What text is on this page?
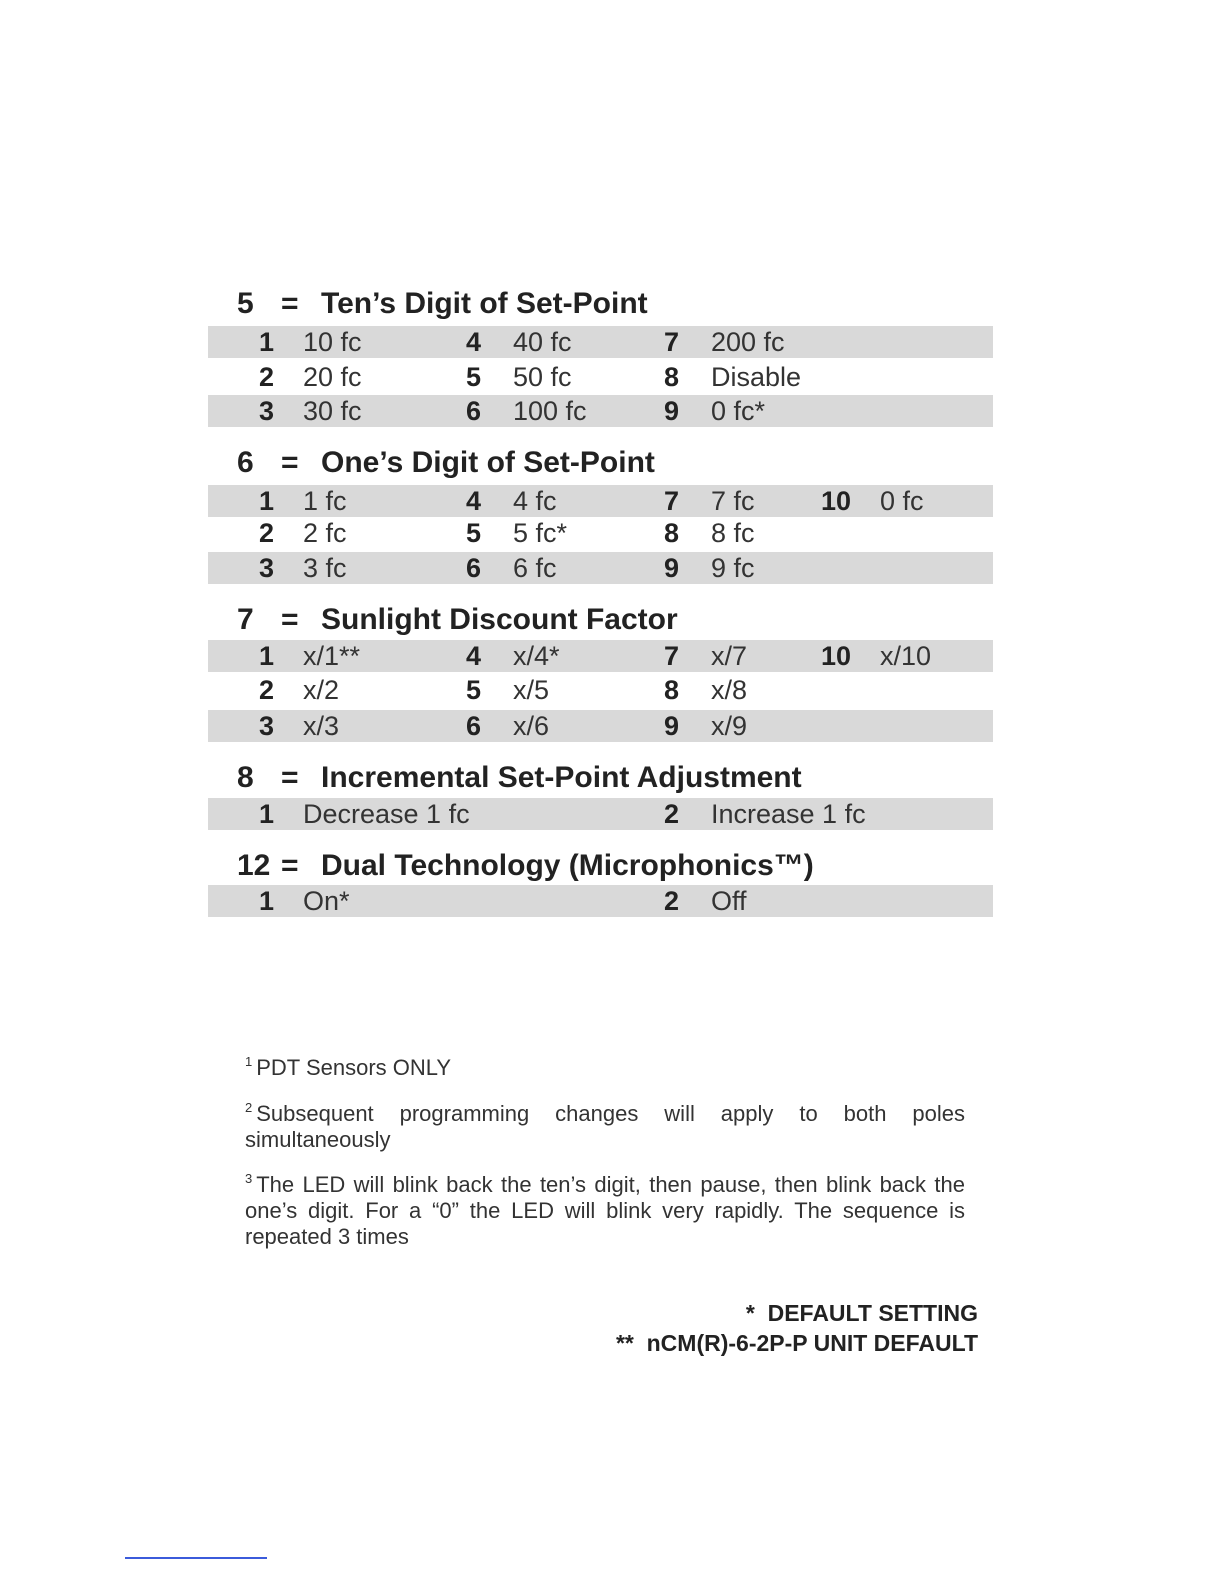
5 = Ten’s Digit of Set-Point
1 10 fc	4 40 fc	7 200 fc
2 20 fc	5 50 fc	8 Disable
3 30 fc	6 100 fc	9 0 fc*
6 = One’s Digit of Set-Point
1 1 fc	4 4 fc	7 7 fc	10 0 fc
2 2 fc	5 5 fc*	8 8 fc
3 3 fc	6 6 fc	9 9 fc
7 = Sunlight Discount Factor
1 x/1**	4 x/4*	7 x/7	10 x/10
2 x/2	5 x/5	8 x/8
3 x/3	6 x/6	9 x/9
8 = Incremental Set-Point Adjustment
1 Decrease 1 fc	2 Increase 1 fc
12 = Dual Technology (Microphonics™)
1 On*	2 Off
$^1$ PDT Sensors ONLY
$^2$ Subsequent programming changes will apply to both poles simultaneously
$^3$ The LED will blink back the ten’s digit, then pause, then blink back the one’s digit. For a “0” the LED will blink very rapidly. The sequence is repeated 3 times
*  DEFAULT SETTING
**  nCM(R)-6-2P-P UNIT DEFAULT
